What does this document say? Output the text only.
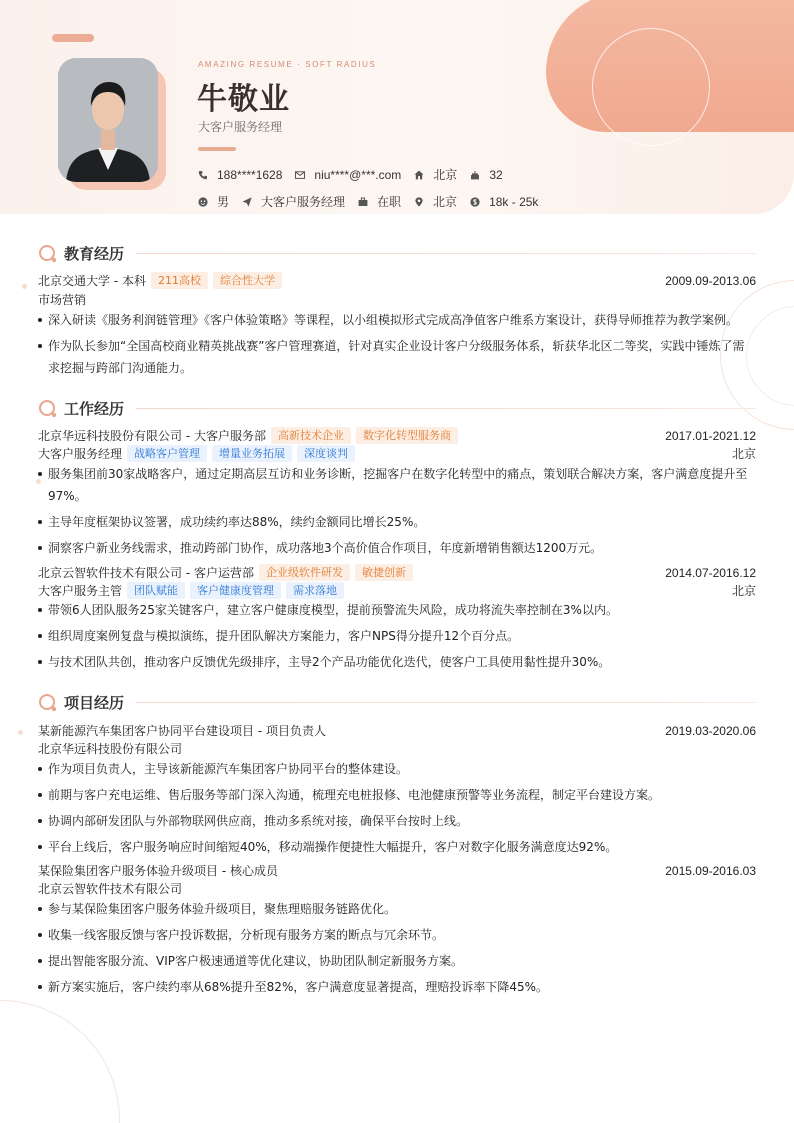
AMAZING RESUME · SOFT RADIUS
牛敬业
大客户服务经理
188****1628	niu****@***.com	北京	32
男	大客户服务经理	在职	北京	18k - 25k
教育经历
北京交通大学 - 本科	211高校	综合性大学	2009.09-2013.06
市场营销
深入研读《服务利润链管理》《客户体验策略》等课程，以小组模拟形式完成高净值客户维系方案设计，获得导师推荐为教学案例。
作为队长参加“全国高校商业精英挑战赛”客户管理赛道，针对真实企业设计客户分级服务体系，斩获华北区二等奖，实践中锤炼了需求挖掘与跨部门沟通能力。
工作经历
北京华远科技股份有限公司 - 大客户服务部	高新技术企业	数字化转型服务商	2017.01-2021.12
大客户服务经理	战略客户管理	增量业务拓展	深度谈判	北京
服务集团前30家战略客户，通过定期高层互访和业务诊断，挖掘客户在数字化转型中的痛点，策划联合解决方案，客户满意度提升至97%。
主导年度框架协议签署，成功续约率达88%，续约金额同比增长25%。
洞察客户新业务线需求，推动跨部门协作，成功落地3个高价值合作项目，年度新增销售额达1200万元。
北京云智软件技术有限公司 - 客户运营部	企业级软件研发	敏捷创新	2014.07-2016.12
大客户服务主管	团队赋能	客户健康度管理	需求落地	北京
带领6人团队服务25家关键客户，建立客户健康度模型，提前预警流失风险，成功将流失率控制在3%以内。
组织周度案例复盘与模拟演练，提升团队解决方案能力，客户NPS得分提升12个百分点。
与技术团队共创，推动客户反馈优先级排序，主导2个产品功能优化迭代，使客户工具使用黏性提升30%。
项目经历
某新能源汽车集团客户协同平台建设项目 - 项目负责人	2019.03-2020.06
北京华远科技股份有限公司
作为项目负责人，主导该新能源汽车集团客户协同平台的整体建设。
前期与客户充电运维、售后服务等部门深入沟通，梳理充电桩报修、电池健康预警等业务流程，制定平台建设方案。
协调内部研发团队与外部物联网供应商，推动多系统对接，确保平台按时上线。
平台上线后，客户服务响应时间缩短40%，移动端操作便捷性大幅提升，客户对数字化服务满意度达92%。
某保险集团客户服务体验升级项目 - 核心成员	2015.09-2016.03
北京云智软件技术有限公司
参与某保险集团客户服务体验升级项目，聚焦理赔服务链路优化。
收集一线客服反馈与客户投诉数据，分析现有服务方案的断点与冗余环节。
提出智能客服分流、VIP客户极速通道等优化建议，协助团队制定新服务方案。
新方案实施后，客户续约率从68%提升至82%，客户满意度显著提高，理赔投诉率下降45%。
